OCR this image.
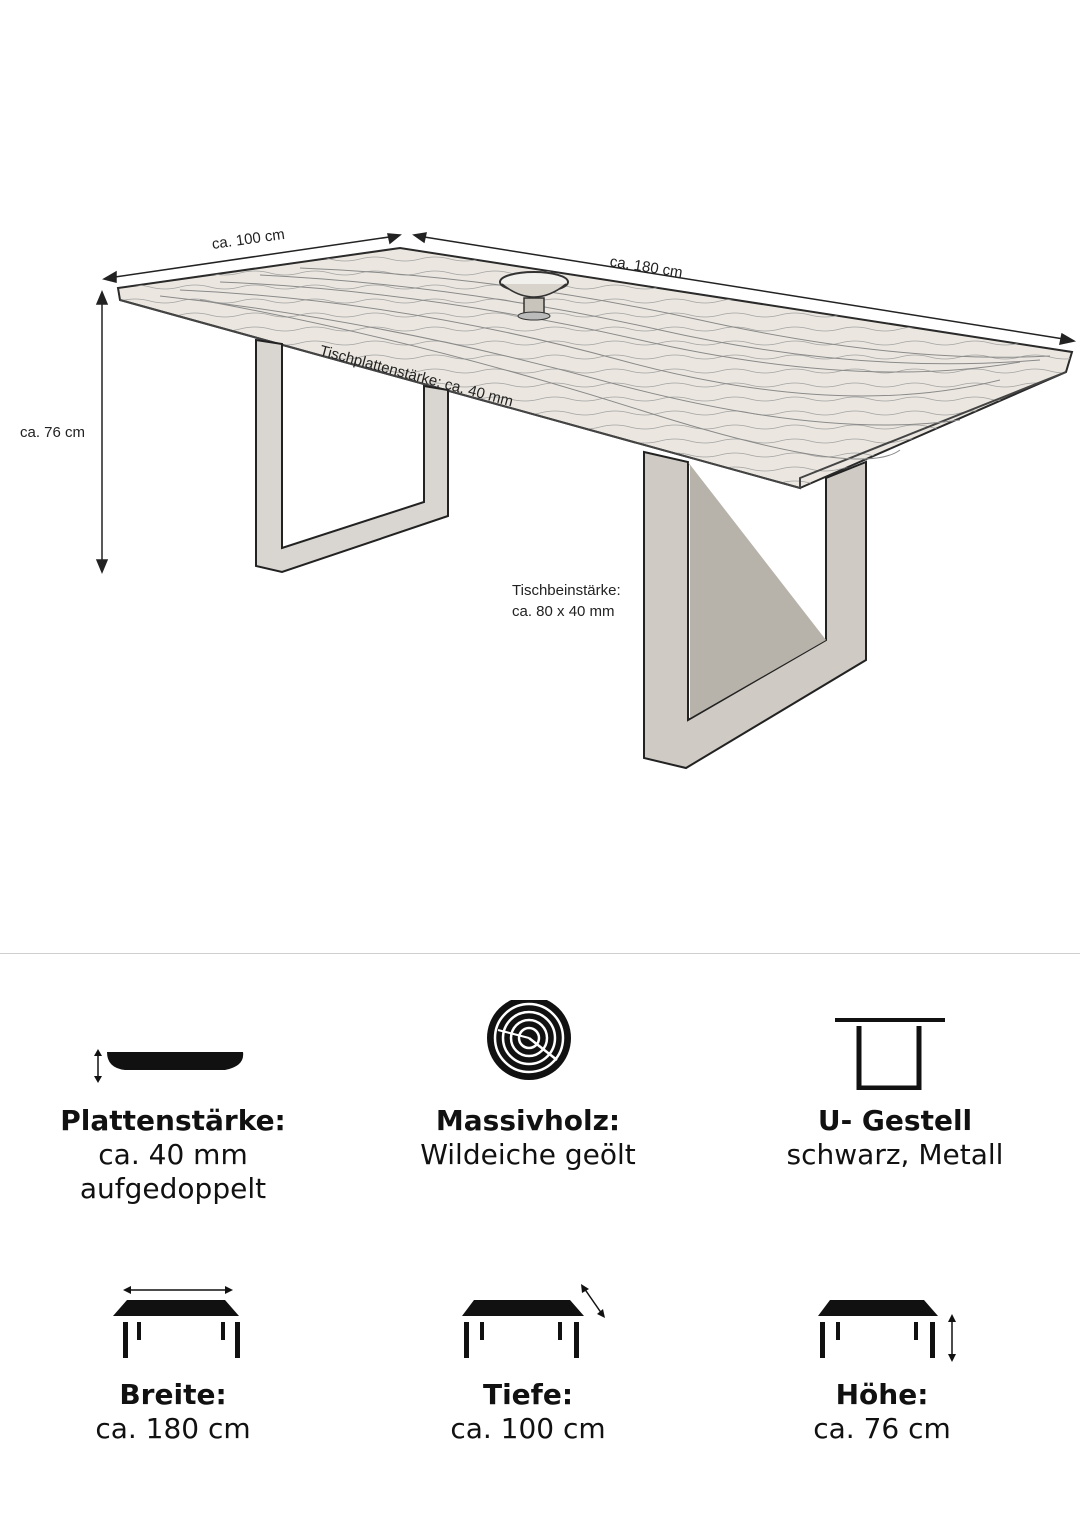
ca. 100 cm
ca. 180 cm
ca. 76 cm
Tischplattenstärke: ca. 40 mm
Tischbeinstärke:
ca. 80 x 40 mm
Plattenstärke:
ca. 40 mm
aufgedoppelt
Massivholz:
Wildeiche geölt
U- Gestell
schwarz, Metall
Breite:
ca. 180 cm
Tiefe:
ca. 100 cm
Höhe:
ca. 76 cm
